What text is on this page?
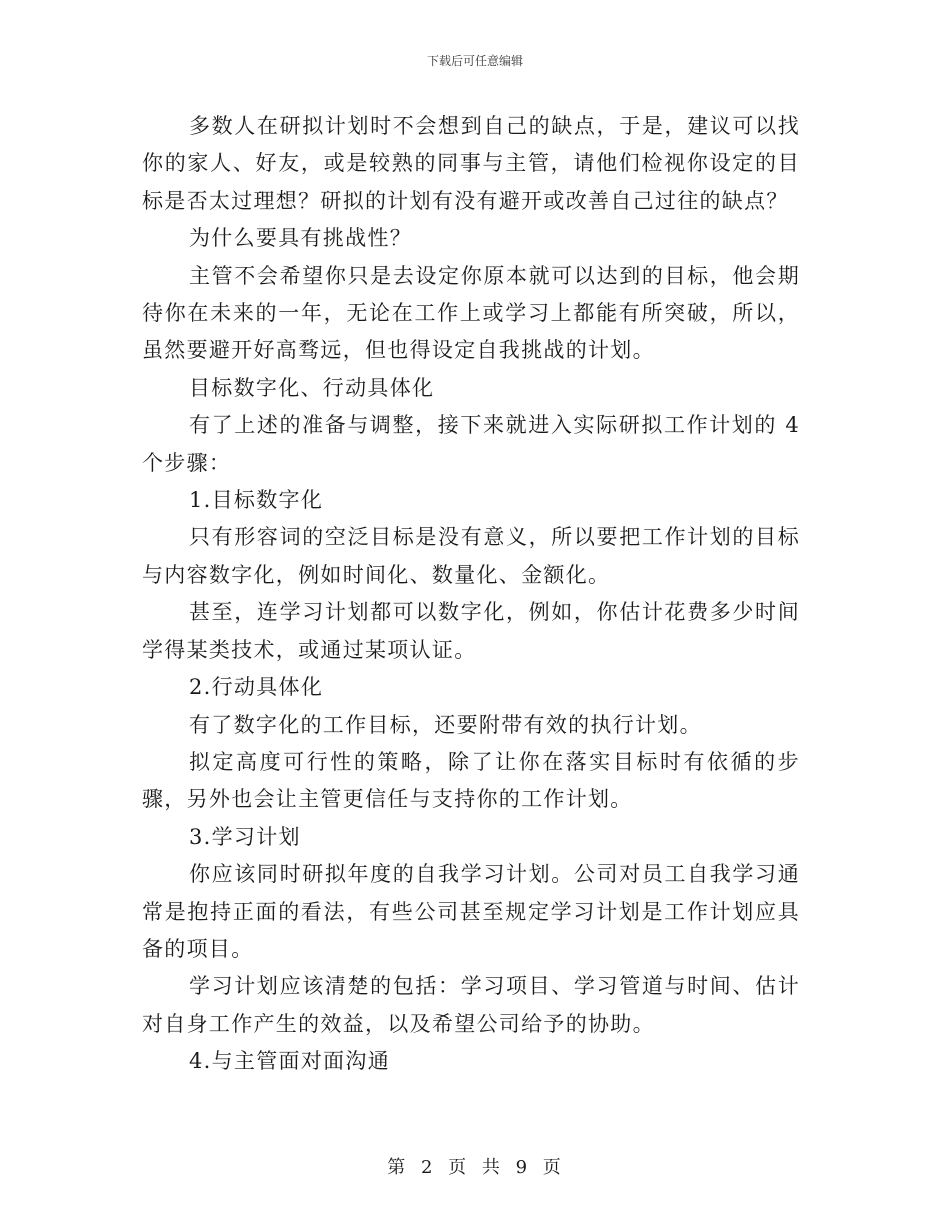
下载后可任意编辑

多数人在研拟计划时不会想到自己的缺点，于是，建议可以找你的家人、好友，或是较熟的同事与主管，请他们检视你设定的目标是否太过理想？研拟的计划有没有避开或改善自己过往的缺点？

为什么要具有挑战性？

主管不会希望你只是去设定你原本就可以达到的目标，他会期待你在未来的一年，无论在工作上或学习上都能有所突破，所以，虽然要避开好高骛远，但也得设定自我挑战的计划。

目标数字化、行动具体化

有了上述的准备与调整，接下来就进入实际研拟工作计划的 4 个步骤：

1.目标数字化

只有形容词的空泛目标是没有意义，所以要把工作计划的目标与内容数字化，例如时间化、数量化、金额化。

甚至，连学习计划都可以数字化，例如，你估计花费多少时间学得某类技术，或通过某项认证。

2.行动具体化

有了数字化的工作目标，还要附带有效的执行计划。

拟定高度可行性的策略，除了让你在落实目标时有依循的步骤，另外也会让主管更信任与支持你的工作计划。

3.学习计划

你应该同时研拟年度的自我学习计划。公司对员工自我学习通常是抱持正面的看法，有些公司甚至规定学习计划是工作计划应具备的项目。

学习计划应该清楚的包括：学习项目、学习管道与时间、估计对自身工作产生的效益，以及希望公司给予的协助。

4.与主管面对面沟通

第 2 页 共 9 页
